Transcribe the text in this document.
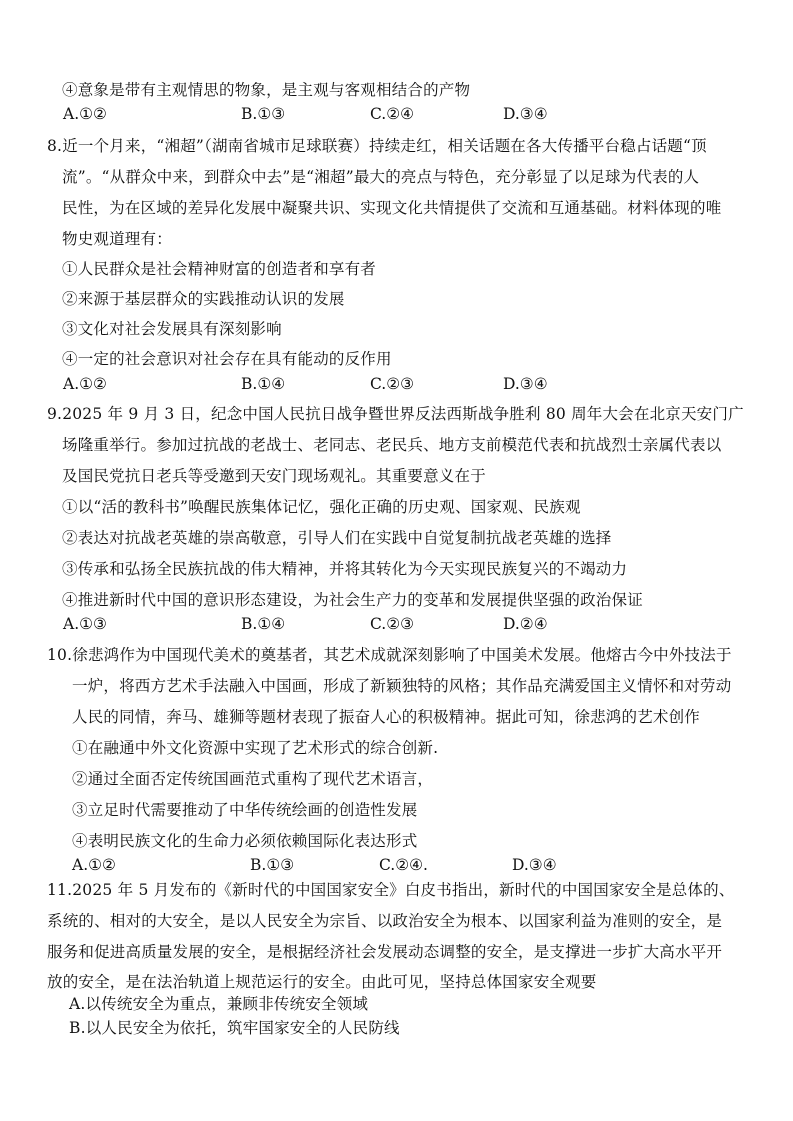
④意象是带有主观情思的物象，是主观与客观相结合的产物
A.①②	B.①③	C.②④	D.③④
8.近一个月来，“湘超”（湖南省城市足球联赛）持续走红，相关话题在各大传播平台稳占话题“顶
流”。“从群众中来，到群众中去”是“湘超”最大的亮点与特色，充分彰显了以足球为代表的人
民性，为在区域的差异化发展中凝聚共识、实现文化共情提供了交流和互通基础。材料体现的唯
物史观道理有：
①人民群众是社会精神财富的创造者和享有者
②来源于基层群众的实践推动认识的发展
③文化对社会发展具有深刻影响
④一定的社会意识对社会存在具有能动的反作用
A.①②	B.①④	C.②③	D.③④
9.2025 年 9 月 3 日，纪念中国人民抗日战争暨世界反法西斯战争胜利 80 周年大会在北京天安门广
场隆重举行。参加过抗战的老战士、老同志、老民兵、地方支前模范代表和抗战烈士亲属代表以
及国民党抗日老兵等受邀到天安门现场观礼。其重要意义在于
①以“活的教科书”唤醒民族集体记忆，强化正确的历史观、国家观、民族观
②表达对抗战老英雄的崇高敬意，引导人们在实践中自觉复制抗战老英雄的选择
③传承和弘扬全民族抗战的伟大精神，并将其转化为今天实现民族复兴的不竭动力
④推进新时代中国的意识形态建设，为社会生产力的变革和发展提供坚强的政治保证
A.①③	B.①④	C.②③	D.②④
10.徐悲鸿作为中国现代美术的奠基者，其艺术成就深刻影响了中国美术发展。他熔古今中外技法于
一炉，将西方艺术手法融入中国画，形成了新颖独特的风格；其作品充满爱国主义情怀和对劳动
人民的同情，奔马、雄狮等题材表现了振奋人心的积极精神。据此可知，徐悲鸿的艺术创作
①在融通中外文化资源中实现了艺术形式的综合创新.
②通过全面否定传统国画范式重构了现代艺术语言，
③立足时代需要推动了中华传统绘画的创造性发展
④表明民族文化的生命力必须依赖国际化表达形式
A.①②	B.①③	C.②④.	D.③④
11.2025 年 5 月发布的《新时代的中国国家安全》白皮书指出，新时代的中国国家安全是总体的、
系统的、相对的大安全，是以人民安全为宗旨、以政治安全为根本、以国家利益为准则的安全，是
服务和促进高质量发展的安全，是根据经济社会发展动态调整的安全，是支撑进一步扩大高水平开
放的安全，是在法治轨道上规范运行的安全。由此可见，坚持总体国家安全观要
A.以传统安全为重点，兼顾非传统安全领域
B.以人民安全为依托，筑牢国家安全的人民防线
